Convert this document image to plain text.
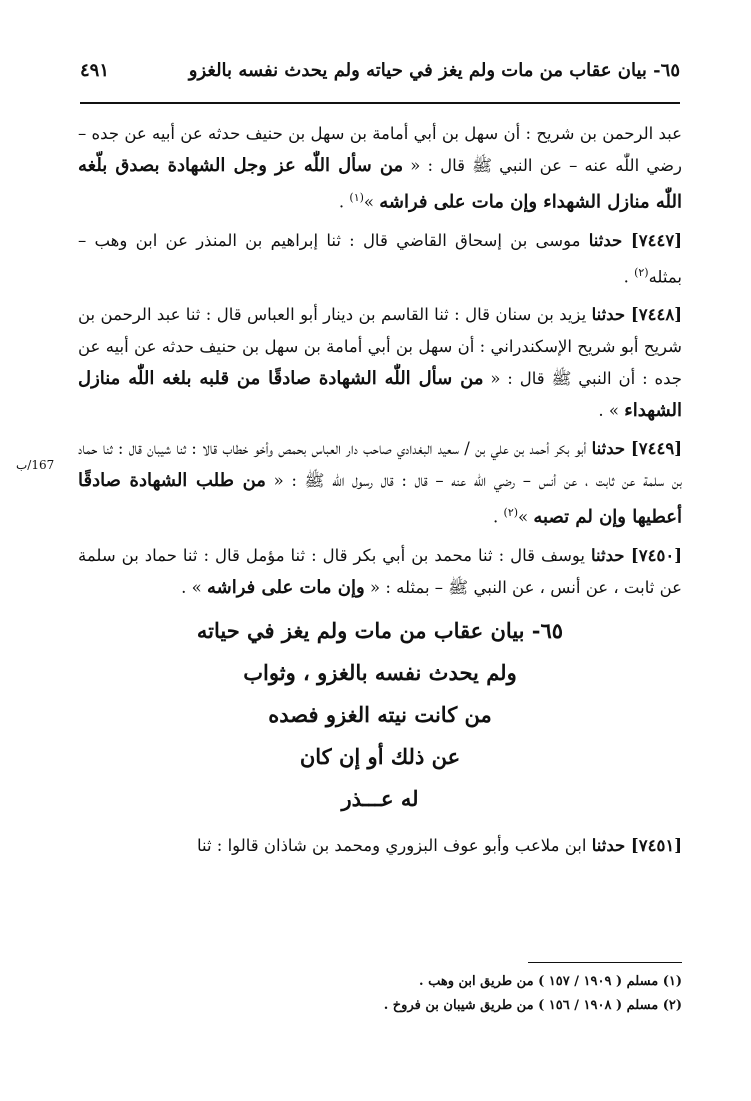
٦٥- بيان عقاب من مات ولم يغز في حياته ولم يحدث نفسه بالغزو
٤٩١
167/ب

عبد الرحمن بن شريح : أن سهل بن أبي أمامة بن سهل بن حنيف حدثه عن أبيه عن جده – رضي اللّٰه عنه – عن النبي ﷺ قال : « من سأل اللّٰه عز وجل الشهادة بصدق بلّغه اللّٰه منازل الشهداء وإن مات على فراشه »$^{(١)}$ .

[٧٤٤٧] حدثنا موسى بن إسحاق القاضي قال : ثنا إبراهيم بن المنذر عن ابن وهب – بمثله$^{(٢)}$ .

[٧٤٤٨] حدثنا يزيد بن سنان قال : ثنا القاسم بن دينار أبو العباس قال : ثنا عبد الرحمن بن شريح أبو شريح الإسكندراني : أن سهل بن أبي أمامة بن سهل بن حنيف حدثه عن أبيه عن جده : أن النبي ﷺ قال : « من سأل اللّٰه الشهادة صادقًا من قلبه بلغه اللّٰه منازل الشهداء » .

[٧٤٤٩] حدثنا أبو بكر أحمد بن علي بن / سعيد البغدادي صاحب دار العباس بحمص وأخو خطاب قالا : ثنا شيبان قال : ثنا حماد بن سلمة عن ثابت ، عن أنس – رضي اللّٰه عنه – قال : قال رسول اللّٰه ﷺ : « من طلب الشهادة صادقًا أعطيها وإن لم تصبه »$^{(٢)}$ .

[٧٤٥٠] حدثنا يوسف قال : ثنا محمد بن أبي بكر قال : ثنا مؤمل قال : ثنا حماد بن سلمة عن ثابت ، عن أنس ، عن النبي ﷺ – بمثله : « وإن مات على فراشه » .

٦٥- بيان عقاب من مات ولم يغز في حياته
ولم يحدث نفسه بالغزو ، وثواب
من كانت نيته الغزو فصده
عن ذلك أو إن كان
له عـــذر

[٧٤٥١] حدثنا ابن ملاعب وأبو عوف البزوري ومحمد بن شاذان قالوا : ثنا

(١) مسلم ( ١٩٠٩ / ١٥٧ ) من طريق ابن وهب .
(٢) مسلم ( ١٩٠٨ / ١٥٦ ) من طريق شيبان بن فروخ .
